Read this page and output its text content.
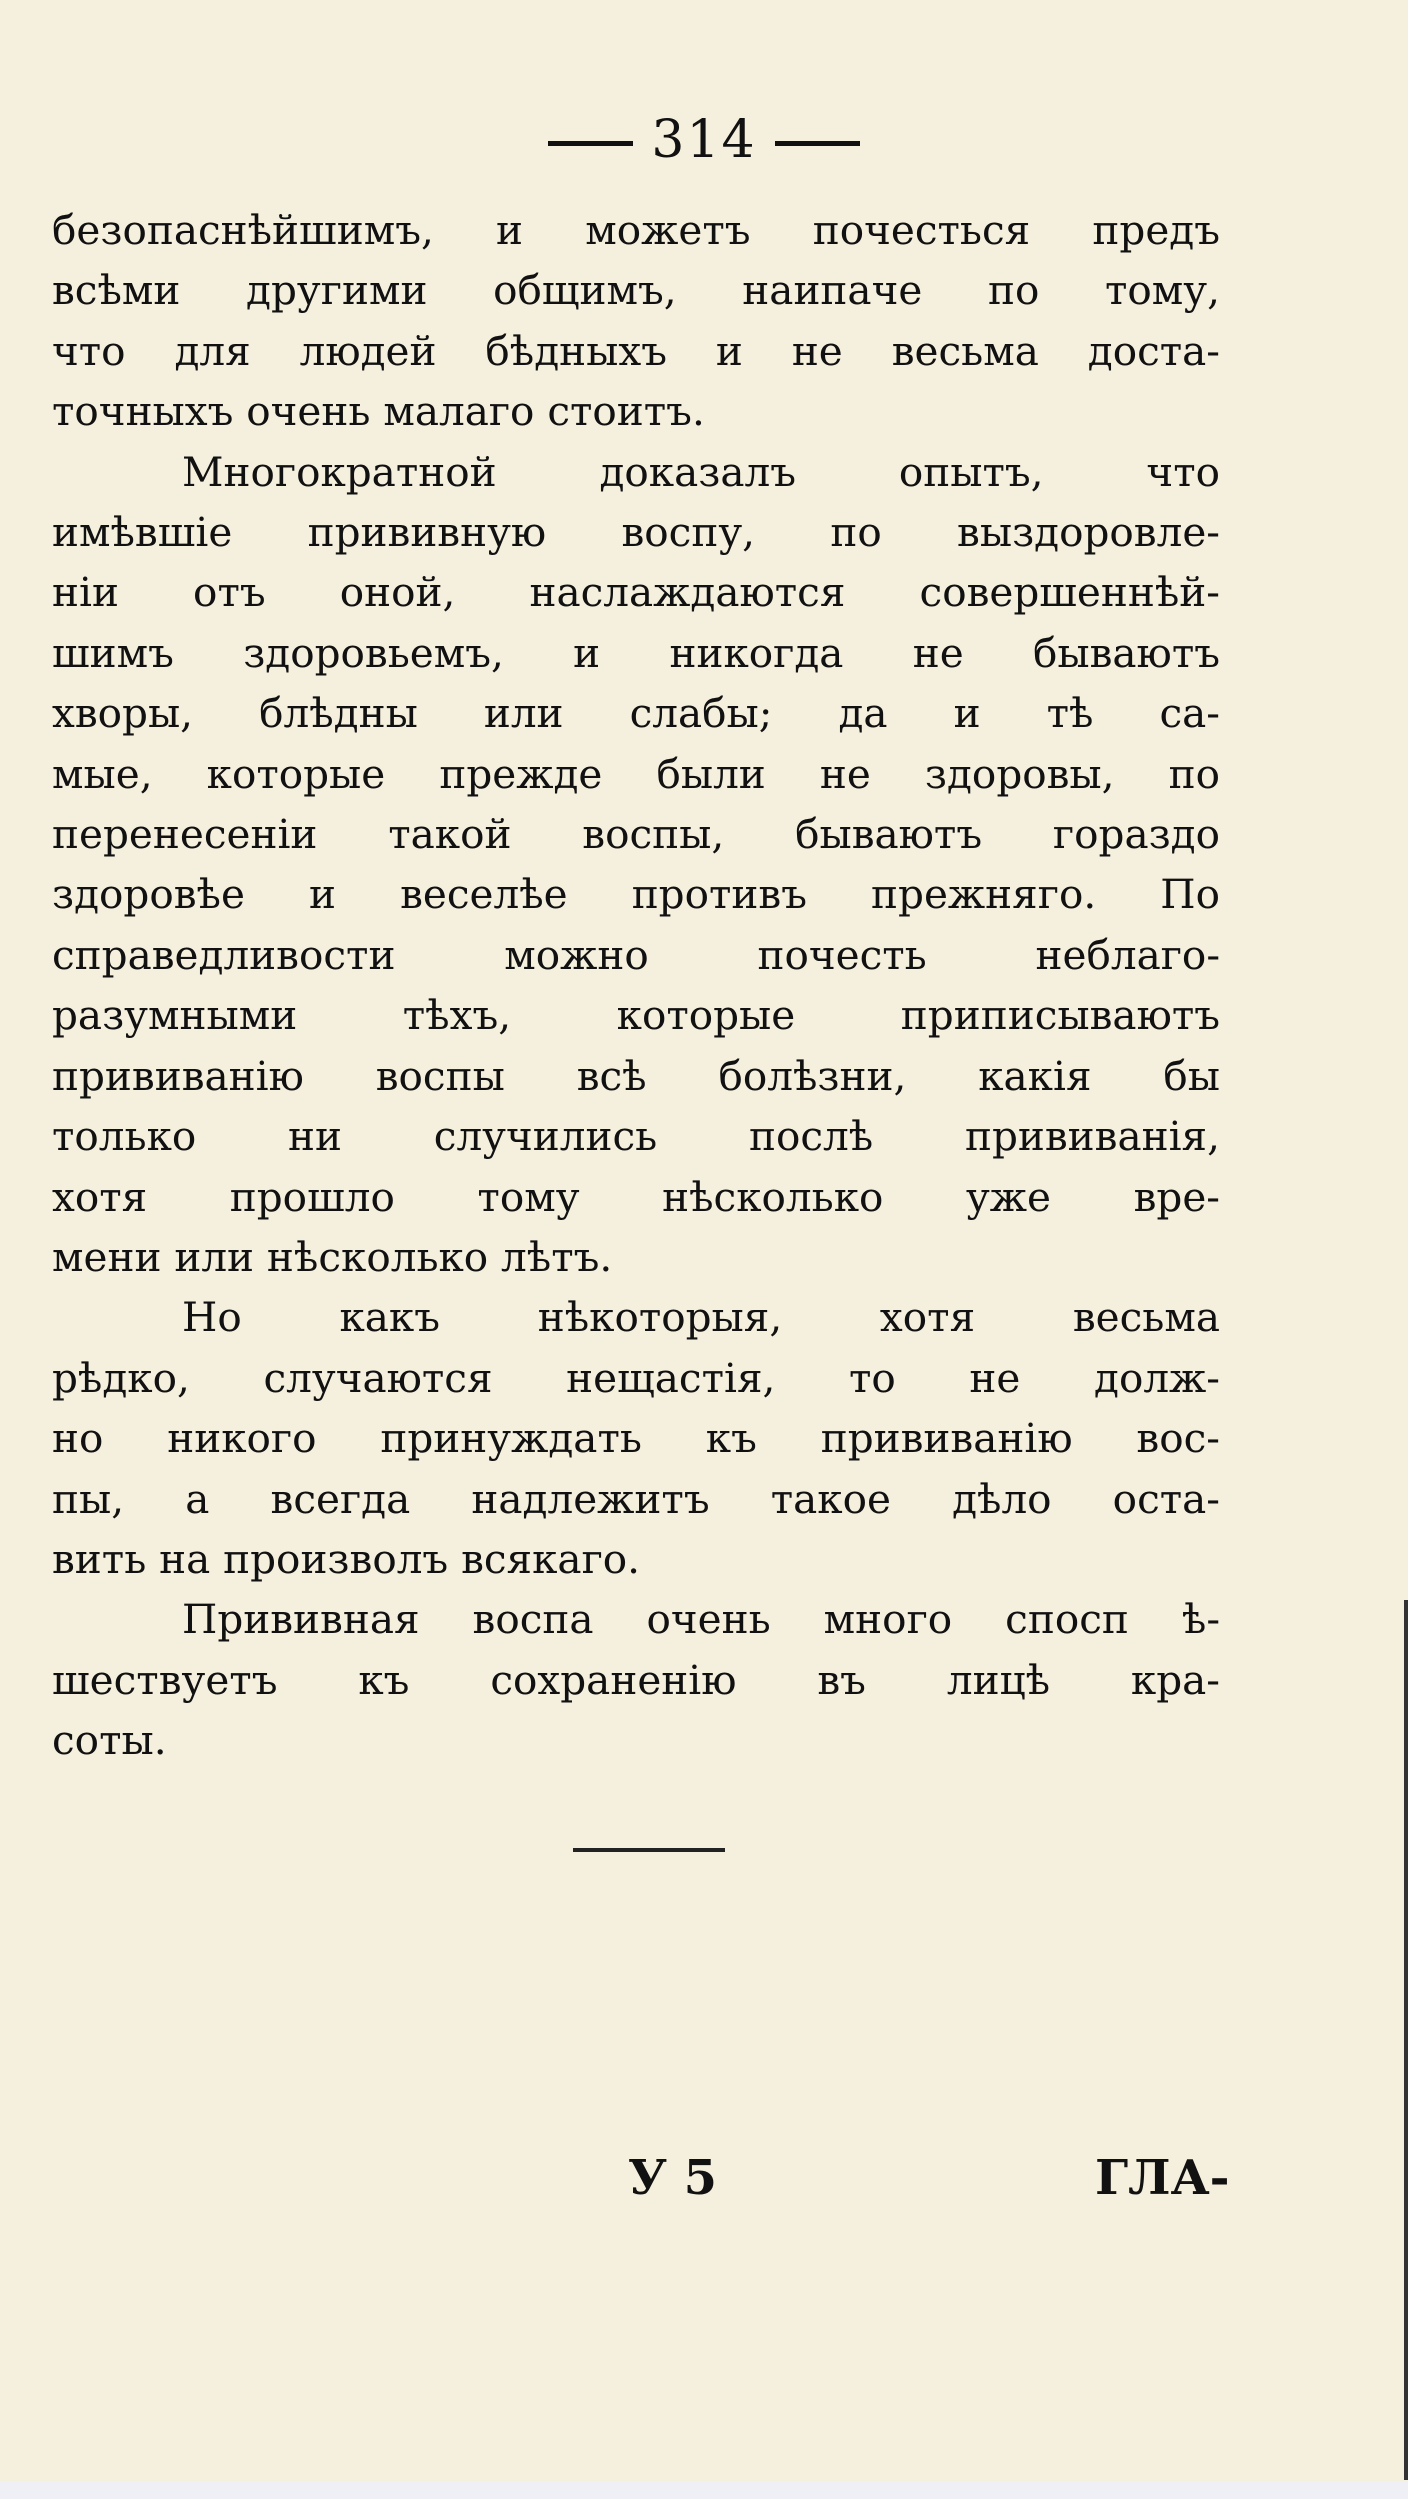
314
безопаснѣйшимъ, и можетъ почесться предъ
всѣми другими общимъ, наипаче по тому,
что для людей бѣдныхъ и не весьма доста-
точныхъ очень малаго стоитъ.
Многократной доказалъ опытъ, что
имѣвшіе прививную воспу, по выздоровле-
ніи отъ оной, наслаждаются совершеннѣй-
шимъ здоровьемъ, и никогда не бываютъ
хворы, блѣдны или слабы; да и тѣ са-
мые, которые прежде были не здоровы, по
перенесеніи такой воспы, бываютъ гораздо
здоровѣе и веселѣе противъ прежняго. По
справедливости можно почесть неблаго-
разумными тѣхъ, которые приписываютъ
прививанію воспы всѣ болѣзни, какія бы
только ни случились послѣ прививанія,
хотя прошло тому нѣсколько уже вре-
мени или нѣсколько лѣтъ.
Но какъ нѣкоторыя, хотя весьма
рѣдко, случаются нещастія, то не долж-
но никого принуждать къ прививанію вос-
пы, а всегда надлежитъ такое дѣло оста-
вить на произволъ всякаго.
Прививная воспа очень много спосп ѣ-
шествуетъ къ сохраненію въ лицѣ кра-
соты.
У 5	ГЛА-
